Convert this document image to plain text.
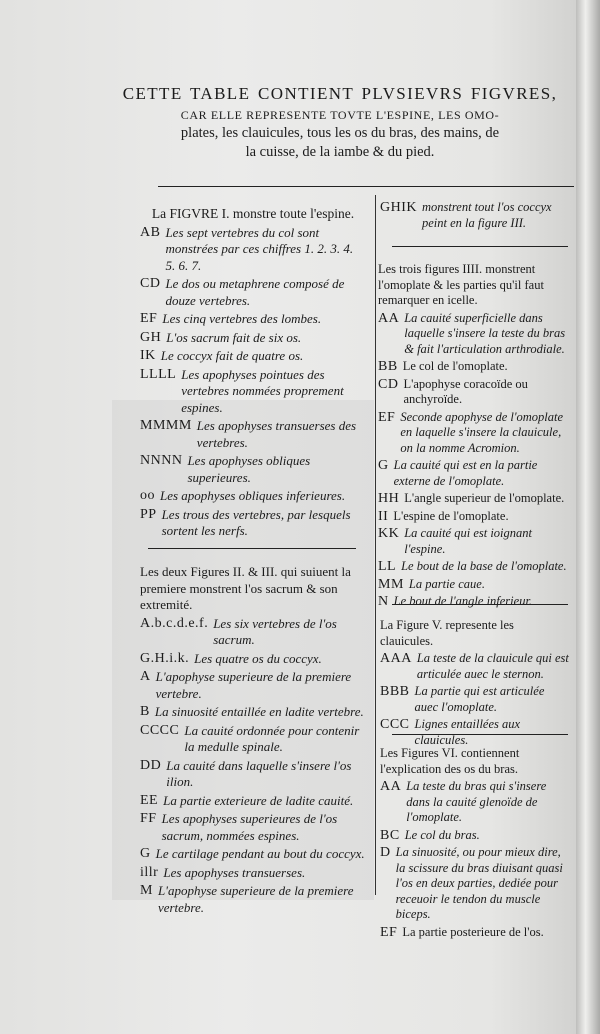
CETTE TABLE CONTIENT PLVSIEVRS FIGVRES,
CAR ELLE REPRESENTE TOVTE L'ESPINE, LES OMO-
plates, les clauicules, tous les os du bras, des mains, de
la cuisse, de la iambe & du pied.
La FIGVRE I. monstre toute l'espine.
AB Les sept vertebres du col sont monstrées par ces chiffres 1. 2. 3. 4. 5. 6. 7.
CD Le dos ou metaphrene composé de douze vertebres.
EF Les cinq vertebres des lombes.
GH L'os sacrum fait de six os.
IK Le coccyx fait de quatre os.
LLLL Les apophyses pointues des vertebres nommées proprement espines.
MMMM Les apophyses transuerses des vertebres.
NNNN Les apophyses obliques superieures.
oo Les apophyses obliques inferieures.
PP Les trous des vertebres, par lesquels sortent les nerfs.
Les deux Figures II. & III. qui suiuent la premiere monstrent l'os sacrum & son extremité.
A.b.c.d.e.f. Les six vertebres de l'os sacrum.
G.H.i.k. Les quatre os du coccyx.
A L'apophyse superieure de la premiere vertebre.
B La sinuosité entaillée en ladite vertebre.
CCCC La cauité ordonnée pour contenir la medulle spinale.
DD La cauité dans laquelle s'insere l'os ilion.
EE La partie exterieure de ladite cauité.
FF Les apophyses superieures de l'os sacrum, nommées espines.
G Le cartilage pendant au bout du coccyx.
illr Les apophyses transuerses.
M L'apophyse superieure de la premiere vertebre.
GHIK monstrent tout l'os coccyx peint en la figure III.
Les trois figures IIII. monstrent l'omoplate & les parties qu'il faut remarquer en icelle.
AA La cauité superficielle dans laquelle s'insere la teste du bras & fait l'articulation arthrodiale.
BB Le col de l'omoplate.
CD L'apophyse coracoïde ou anchyroïde.
EF Seconde apophyse de l'omoplate en laquelle s'insere la clauicule, on la nomme Acromion.
G La cauité qui est en la partie externe de l'omoplate.
HH L'angle superieur de l'omoplate.
II L'espine de l'omoplate.
KK La cauité qui est ioignant l'espine.
LL Le bout de la base de l'omoplate.
MM La partie caue.
N Le bout de l'angle inferieur.
La Figure V. represente les clauicules.
AAA La teste de la clauicule qui est articulée auec le sternon.
BBB La partie qui est articulée auec l'omoplate.
CCC Lignes entaillées aux clauicules.
Les Figures VI. contiennent l'explication des os du bras.
AA La teste du bras qui s'insere dans la cauité glenoïde de l'omoplate.
BC Le col du bras.
D La sinuosité, ou pour mieux dire, la scissure du bras diuisant quasi l'os en deux parties, dediée pour receuoir le tendon du muscle biceps.
EF La partie posterieure de l'os.
